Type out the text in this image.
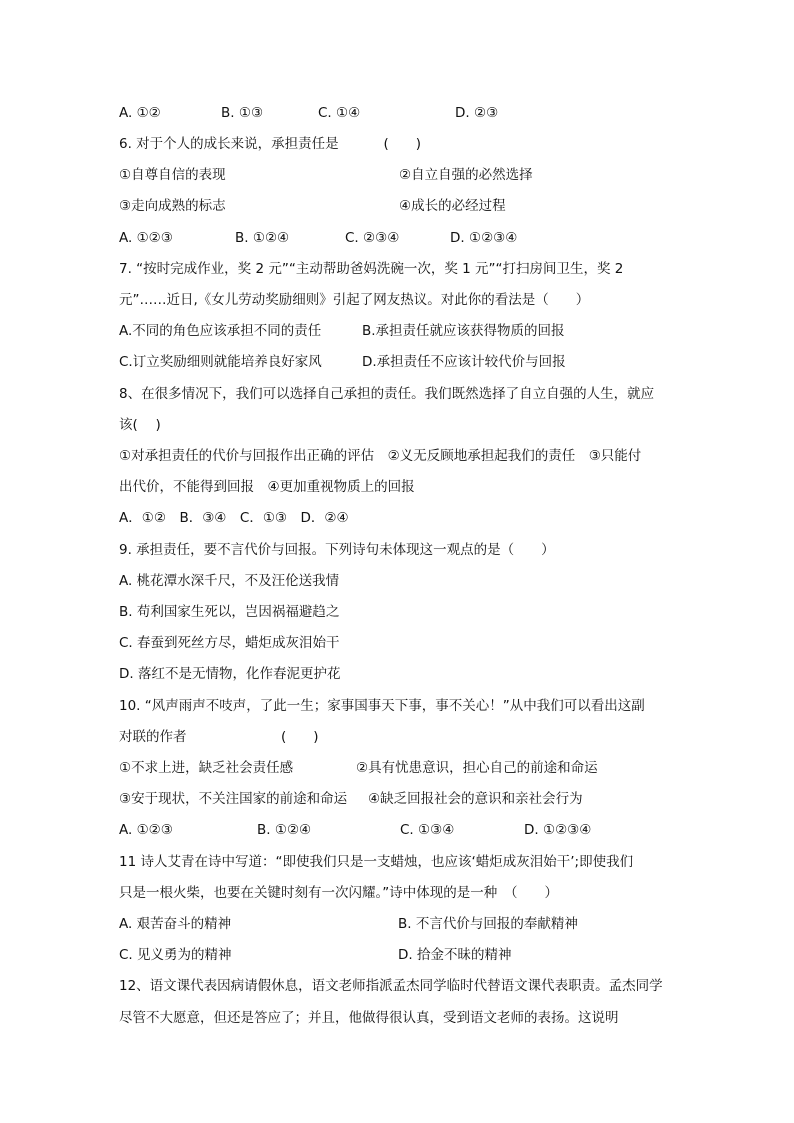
A. ①②	B. ①③	C. ①④	D. ②③
6. 对于个人的成长来说，承担责任是 　　　(　　)
①自尊自信的表现	②自立自强的必然选择
③走向成熟的标志	④成长的必经过程
A. ①②③	B. ①②④	C. ②③④	D. ①②③④
7. “按时完成作业，奖 2 元”“主动帮助爸妈洗碗一次，奖 1 元”“打扫房间卫生，奖 2
元”……近日,《女儿劳动奖励细则》引起了网友热议。对此你的看法是（　　）
A.不同的角色应该承担不同的责任	B.承担责任就应该获得物质的回报
C.订立奖励细则就能培养良好家风	D.承担责任不应该计较代价与回报
8、在很多情况下，我们可以选择自己承担的责任。我们既然选择了自立自强的人生，就应
该(　 )
①对承担责任的代价与回报作出正确的评估　②义无反顾地承担起我们的责任　③只能付
出代价，不能得到回报　④更加重视物质上的回报
A．①②　B．③④　C．①③　D．②④
9. 承担责任，要不言代价与回报。下列诗句未体现这一观点的是（　　）
A. 桃花潭水深千尺，不及汪伦送我情
B. 苟利国家生死以，岂因祸福避趋之
C. 春蚕到死丝方尽，蜡炬成灰泪始干
D. 落红不是无情物，化作春泥更护花
10. “风声雨声不吱声，了此一生；家事国事天下事，事不关心！”从中我们可以看出这副
对联的作者　　　　　　　(　　)
①不求上进，缺乏社会责任感	②具有忧患意识，担心自己的前途和命运
③安于现状，不关注国家的前途和命运 ④缺乏回报社会的意识和亲社会行为
A. ①②③	B. ①②④	C. ①③④	D. ①②③④
11 诗人艾青在诗中写道：“即使我们只是一支蜡烛，也应该‘蜡炬成灰泪始干’;即使我们
只是一根火柴，也要在关键时刻有一次闪耀。”诗中体现的是一种　（　　）
A. 艰苦奋斗的精神	B. 不言代价与回报的奉献精神
C. 见义勇为的精神	D. 拾金不昧的精神
12、语文课代表因病请假休息，语文老师指派孟杰同学临时代替语文课代表职责。孟杰同学
尽管不大愿意，但还是答应了；并且，他做得很认真，受到语文老师的表扬。这说明
